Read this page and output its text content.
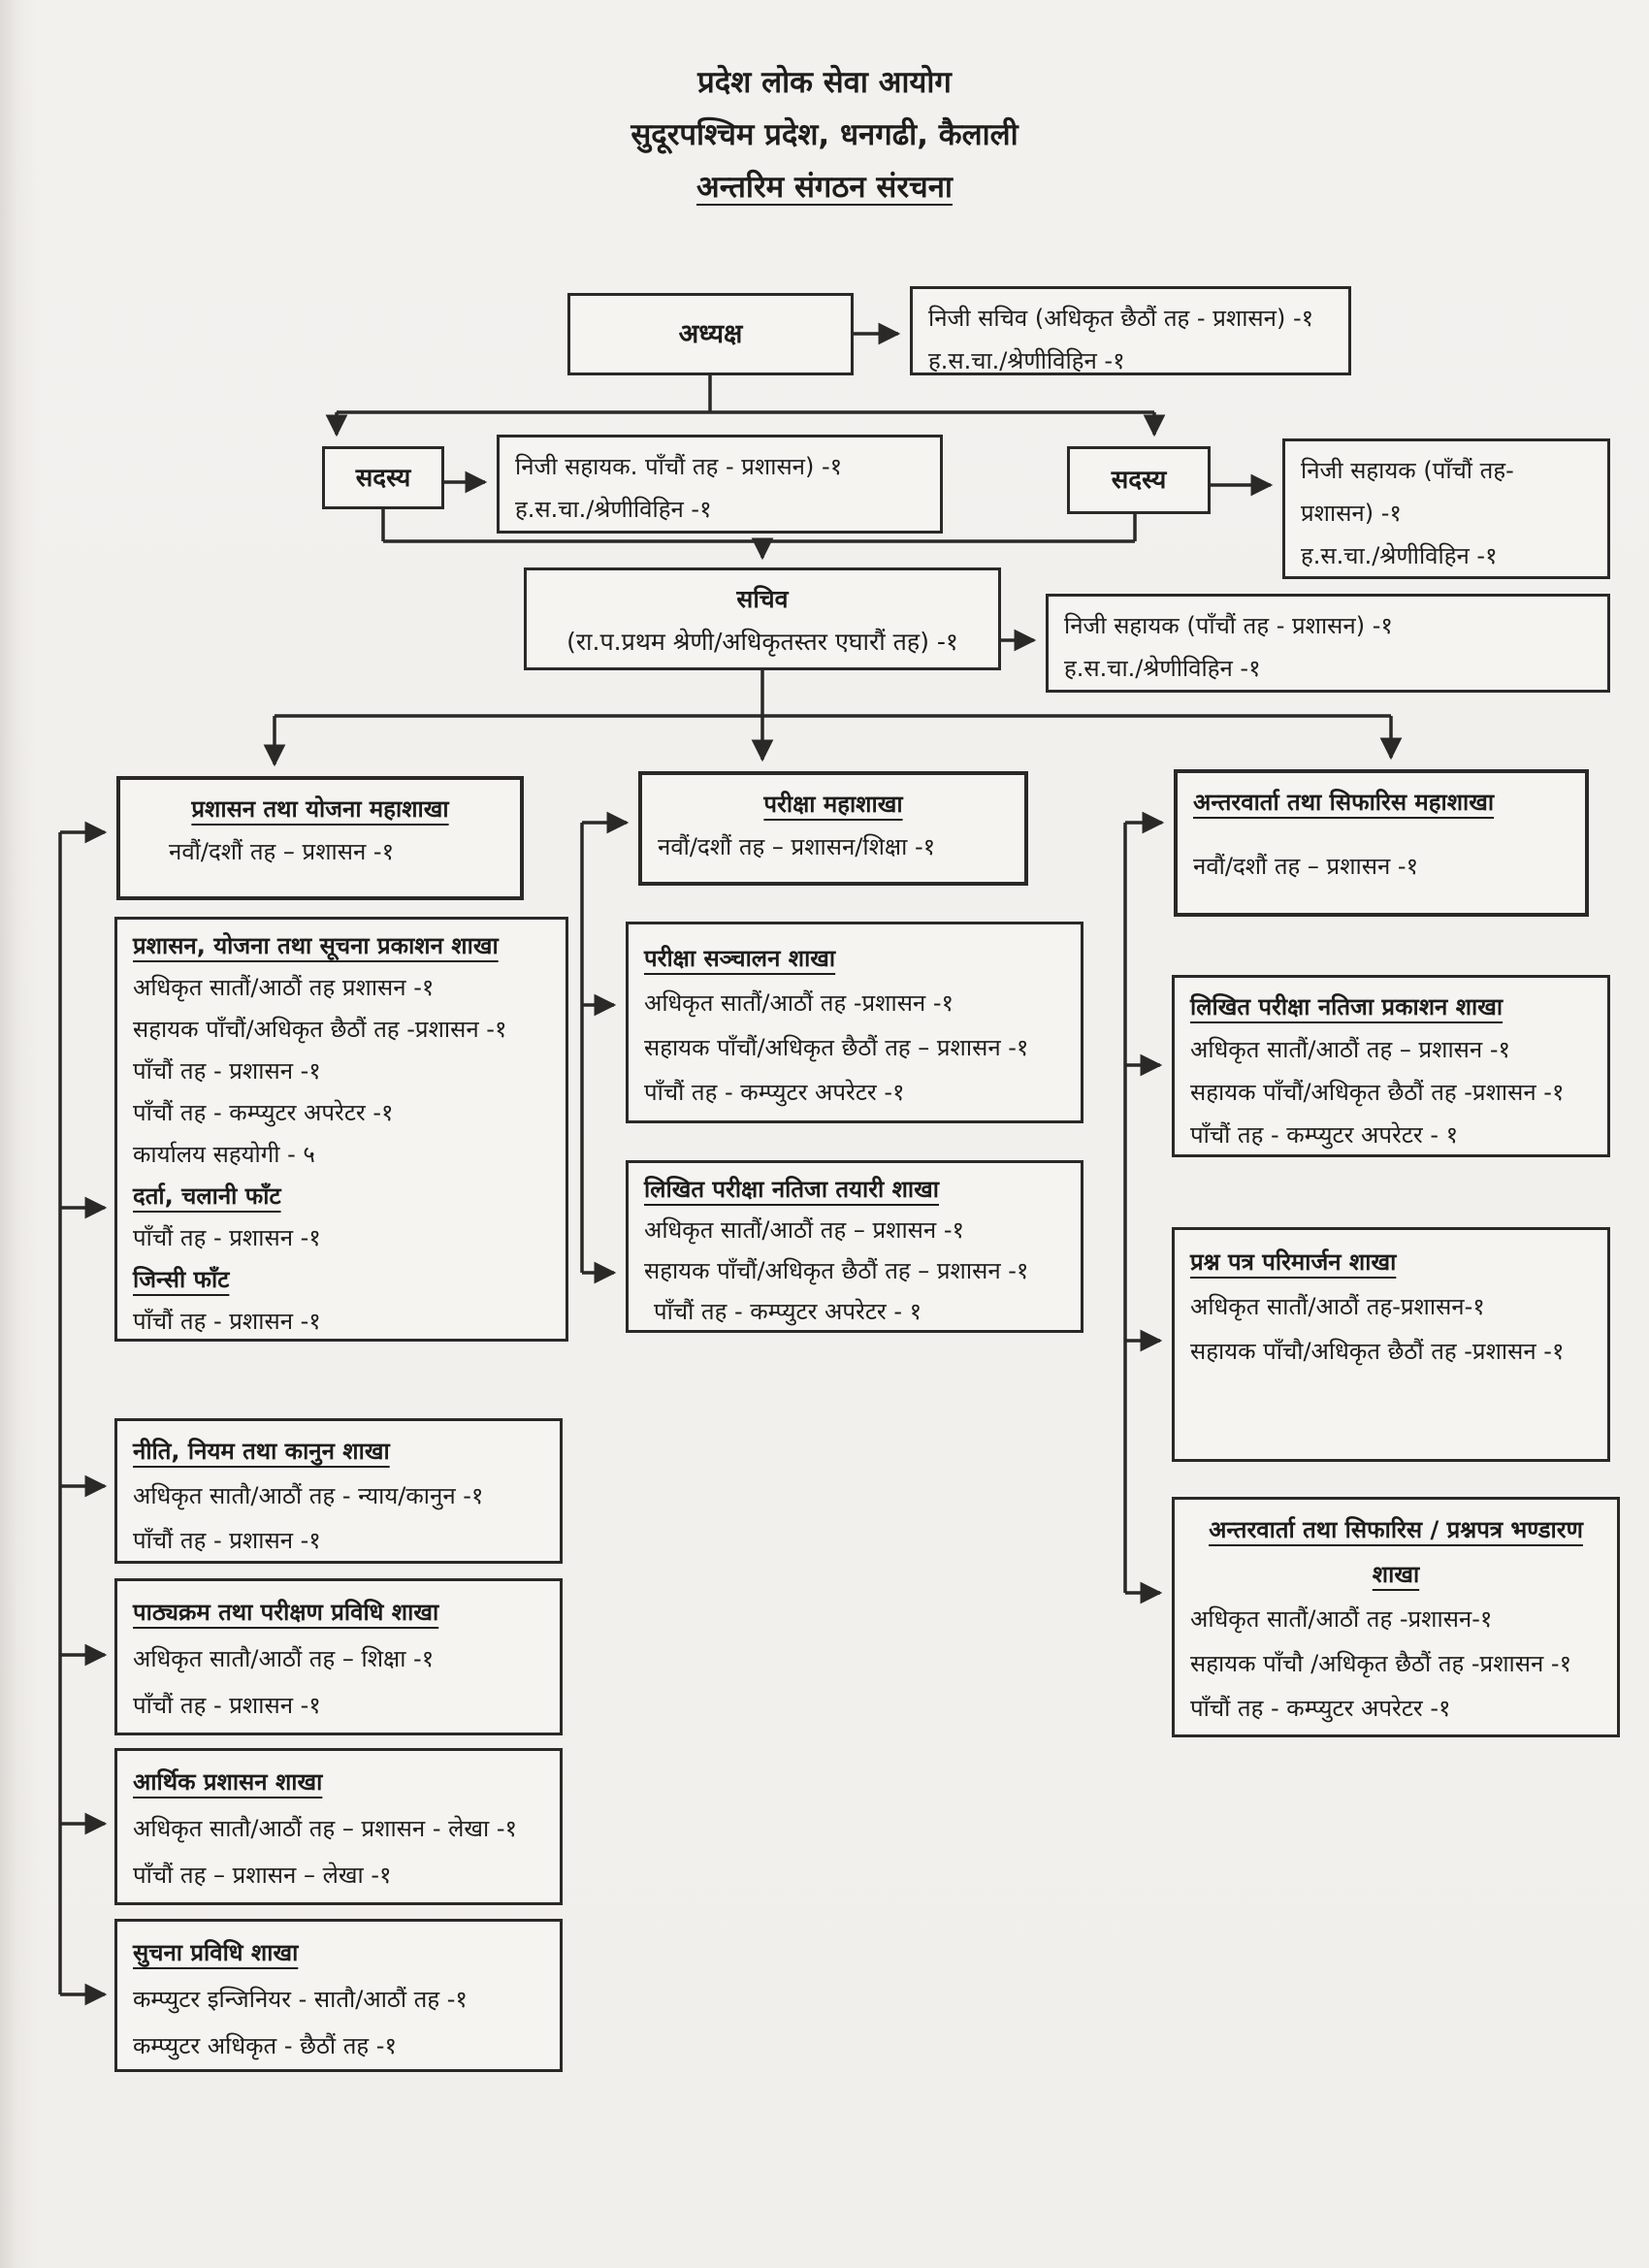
प्रदेश लोक सेवा आयोग
सुदूरपश्चिम प्रदेश, धनगढी, कैलाली
अन्तरिम संगठन संरचना
अध्यक्ष
निजी सचिव (अधिकृत छैठौं तह - प्रशासन) -१
ह.स.चा./श्रेणीविहिन -१
सदस्य	निजी सहायक. पाँचौं तह - प्रशासन) -१
ह.स.चा./श्रेणीविहिन -१
सदस्य	निजी सहायक (पाँचौं तह-
प्रशासन) -१
ह.स.चा./श्रेणीविहिन -१
सचिव
(रा.प.प्रथम श्रेणी/अधिकृतस्तर एघारौं तह) -१
निजी सहायक (पाँचौं तह - प्रशासन) -१
ह.स.चा./श्रेणीविहिन -१
प्रशासन तथा योजना महाशाखा
नवौं/दशौं तह – प्रशासन -१
परीक्षा महाशाखा
नवौं/दशौं तह – प्रशासन/शिक्षा -१
अन्तरवार्ता तथा सिफारिस महाशाखा
नवौं/दशौं तह – प्रशासन -१
प्रशासन, योजना तथा सूचना प्रकाशन शाखा
अधिकृत सातौं/आठौं तह प्रशासन -१
सहायक पाँचौं/अधिकृत छैठौं तह -प्रशासन -१
पाँचौं तह - प्रशासन -१
पाँचौं तह - कम्प्युटर अपरेटर -१
कार्यालय सहयोगी - ५
दर्ता, चलानी फाँट
पाँचौं तह - प्रशासन -१
जिन्सी फाँट
पाँचौं तह - प्रशासन -१
नीति, नियम तथा कानुन शाखा
अधिकृत सातौ/आठौं तह - न्याय/कानुन -१
पाँचौं तह - प्रशासन -१
पाठ्यक्रम तथा परीक्षण प्रविधि शाखा
अधिकृत सातौ/आठौं तह – शिक्षा -१
पाँचौं तह - प्रशासन -१
आर्थिक प्रशासन शाखा
अधिकृत सातौ/आठौं तह – प्रशासन - लेखा -१
पाँचौं तह – प्रशासन – लेखा -१
सुचना प्रविधि शाखा
कम्प्युटर इन्जिनियर - सातौ/आठौं तह -१
कम्प्युटर अधिकृत - छैठौं तह -१
परीक्षा सञ्चालन शाखा
अधिकृत सातौं/आठौं तह -प्रशासन -१
सहायक पाँचौं/अधिकृत छैठौं तह – प्रशासन -१
पाँचौं तह - कम्प्युटर अपरेटर -१
लिखित परीक्षा नतिजा तयारी शाखा
अधिकृत सातौं/आठौं तह – प्रशासन -१
सहायक पाँचौं/अधिकृत छैठौं तह – प्रशासन -१
पाँचौं तह - कम्प्युटर अपरेटर - १
लिखित परीक्षा नतिजा प्रकाशन शाखा
अधिकृत सातौं/आठौं तह – प्रशासन -१
सहायक पाँचौं/अधिकृत छैठौं तह -प्रशासन -१
पाँचौं तह - कम्प्युटर अपरेटर - १
प्रश्न पत्र परिमार्जन शाखा
अधिकृत सातौं/आठौं तह-प्रशासन-१
सहायक पाँचौ/अधिकृत छैठौं तह -प्रशासन -१
अन्तरवार्ता तथा सिफारिस / प्रश्नपत्र भण्डारण
शाखा
अधिकृत सातौं/आठौं तह -प्रशासन-१
सहायक पाँचौ /अधिकृत छैठौं तह -प्रशासन -१
पाँचौं तह - कम्प्युटर अपरेटर -१
